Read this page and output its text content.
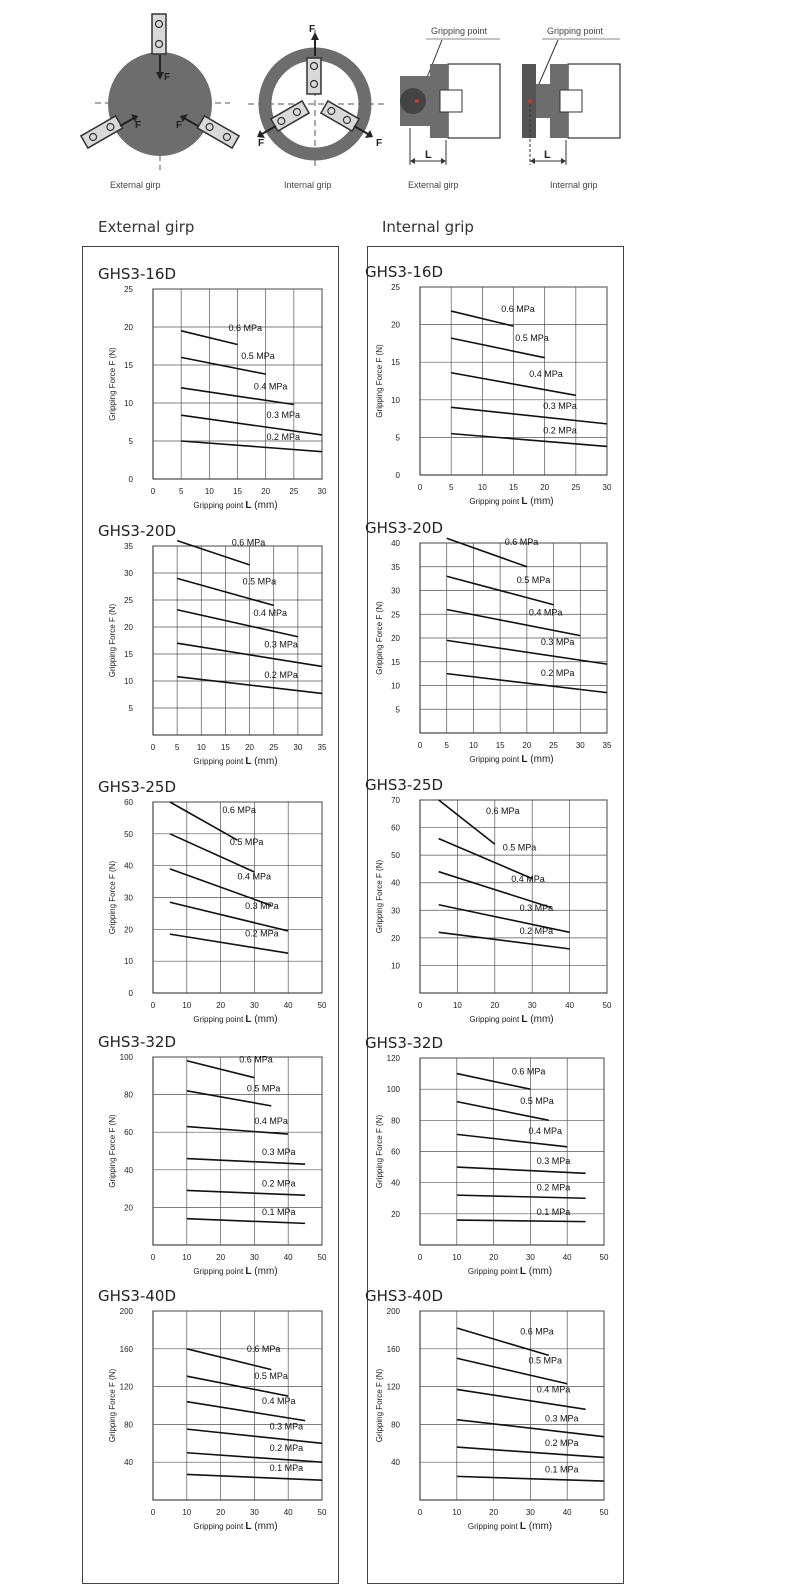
F
F	F
External girp
F
F	F
Internal grip
Gripping point
L
External girp
Gripping point
L
Internal grip
External girp	Internal grip
GHS3-16D
0	5	10 15 20 25 30
0
5
10
15
20
25
Gripping Force F (N)
Gripping point L (mm)
0.6 MPa
0.5 MPa
0.4 MPa
0.3 MPa
0.2 MPa
GHS3-16D
0	5	10	15	20	25	30
0
5
10
15
20
25
Gripping Force F (N)
Gripping point L (mm)
0.6 MPa
0.5 MPa
0.4 MPa
0.3 MPa
0.2 MPa
GHS3-20D
0 5 10 15 20 25 30 35
5
10
15
20
25
30
35
Gripping Force F (N)
Gripping point L (mm)
0.6 MPa
0.5 MPa
0.4 MPa
0.3 MPa
0.2 MPa
GHS3-20D
0	5	10 15 20 25 30 35
5
10
15
20
25
30
35
40
Gripping Force F (N)
Gripping point L (mm)
0.6 MPa
0.5 MPa
0.4 MPa
0.3 MPa
0.2 MPa
GHS3-25D
0	10	20	30	40	50
0
10
20
30
40
50
60
Gripping Force F (N)
Gripping point L (mm)
0.6 MPa
0.5 MPa
0.4 MPa
0.3 MPa
0.2 MPa
GHS3-25D
0	10	20	30	40	50
10
20
30
40
50
60
70
Gripping Force F (N)
Gripping point L (mm)
0.6 MPa
0.5 MPa
0.4 MPa
0.3 MPa
0.2 MPa
GHS3-32D
0	10	20	30	40	50
20
40
60
80
100
Gripping Force F (N)
Gripping point L (mm)
0.6 MPa
0.5 MPa
0.4 MPa
0.3 MPa
0.2 MPa
0.1 MPa
GHS3-32D
0	10	20	30	40	50
20
40
60
80
100
120
Gripping Force F (N)
Gripping point L (mm)
0.6 MPa
0.5 MPa
0.4 MPa
0.3 MPa
0.2 MPa
0.1 MPa
GHS3-40D
0	10	20	30	40	50
40
80
120
160
200
Gripping Force F (N)
Gripping point L (mm)
0.6 MPa
0.5 MPa
0.4 MPa
0.3 MPa
0.2 MPa
0.1 MPa
GHS3-40D
0	10	20	30	40	50
40
80
120
160
200
Gripping Force F (N)
Gripping point L (mm)
0.6 MPa
0.5 MPa
0.4 MPa
0.3 MPa
0.2 MPa
0.1 MPa
